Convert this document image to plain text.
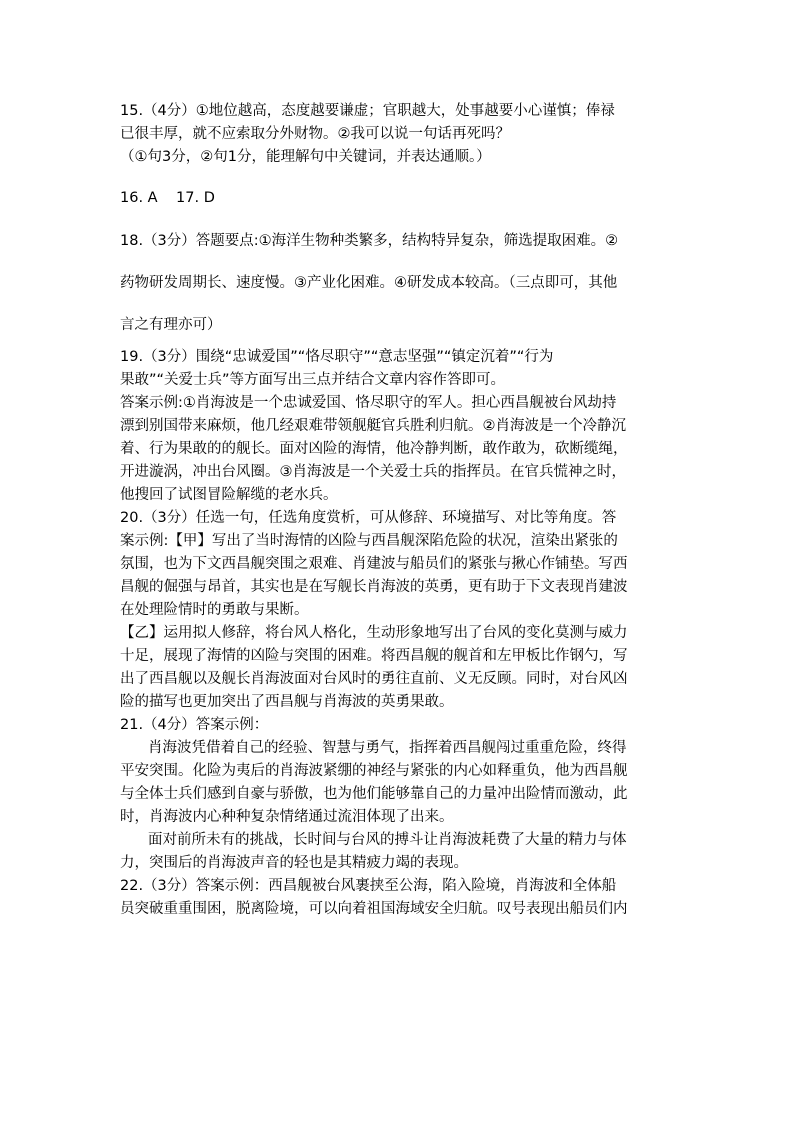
15.（4分）①地位越高，态度越要谦虚；官职越大，处事越要小心谨慎；俸禄
已很丰厚，就不应索取分外财物。②我可以说一句话再死吗？
（①句3分，②句1分，能理解句中关键词，并表达通顺。）
16. A    17. D
18.（3分）答题要点:①海洋生物种类繁多，结构特异复杂，筛选提取困难。②
药物研发周期长、速度慢。③产业化困难。④研发成本较高。（三点即可，其他
言之有理亦可）
19.（3分）围绕“忠诚爱国”“恪尽职守”“意志坚强”“镇定沉着”“行为
果敢”“关爱士兵”等方面写出三点并结合文章内容作答即可。
答案示例:①肖海波是一个忠诚爱国、恪尽职守的军人。担心西昌舰被台风劫持
漂到别国带来麻烦，他几经艰难带领舰艇官兵胜利归航。②肖海波是一个冷静沉
着、行为果敢的的舰长。面对凶险的海情，他冷静判断，敢作敢为，砍断缆绳，
开进漩涡，冲出台风圈。③肖海波是一个关爱士兵的指挥员。在官兵慌神之时，
他搜回了试图冒险解缆的老水兵。
20.（3分）任选一句，任选角度赏析，可从修辞、环境描写、对比等角度。答
案示例:【甲】写出了当时海情的凶险与西昌舰深陷危险的状况，渲染出紧张的
氛围，也为下文西昌舰突围之艰难、肖建波与船员们的紧张与揪心作铺垫。写西
昌舰的倔强与昂首，其实也是在写舰长肖海波的英勇，更有助于下文表现肖建波
在处理险情时的勇敢与果断。
【乙】运用拟人修辞，将台风人格化，生动形象地写出了台风的变化莫测与威力
十足，展现了海情的凶险与突围的困难。将西昌舰的舰首和左甲板比作钢勺，写
出了西昌舰以及舰长肖海波面对台风时的勇往直前、义无反顾。同时，对台风凶
险的描写也更加突出了西昌舰与肖海波的英勇果敢。
21.（4分）答案示例：
肖海波凭借着自己的经验、智慧与勇气，指挥着西昌舰闯过重重危险，终得
平安突围。化险为夷后的肖海波紧绷的神经与紧张的内心如释重负，他为西昌舰
与全体士兵们感到自豪与骄傲，也为他们能够靠自己的力量冲出险情而激动，此
时，肖海波内心种种复杂情绪通过流泪体现了出来。
面对前所未有的挑战，长时间与台风的搏斗让肖海波耗费了大量的精力与体
力，突围后的肖海波声音的轻也是其精疲力竭的表现。
22.（3分）答案示例：西昌舰被台风裹挟至公海，陷入险境，肖海波和全体船
员突破重重围困，脱离险境，可以向着祖国海域安全归航。叹号表现出船员们内
